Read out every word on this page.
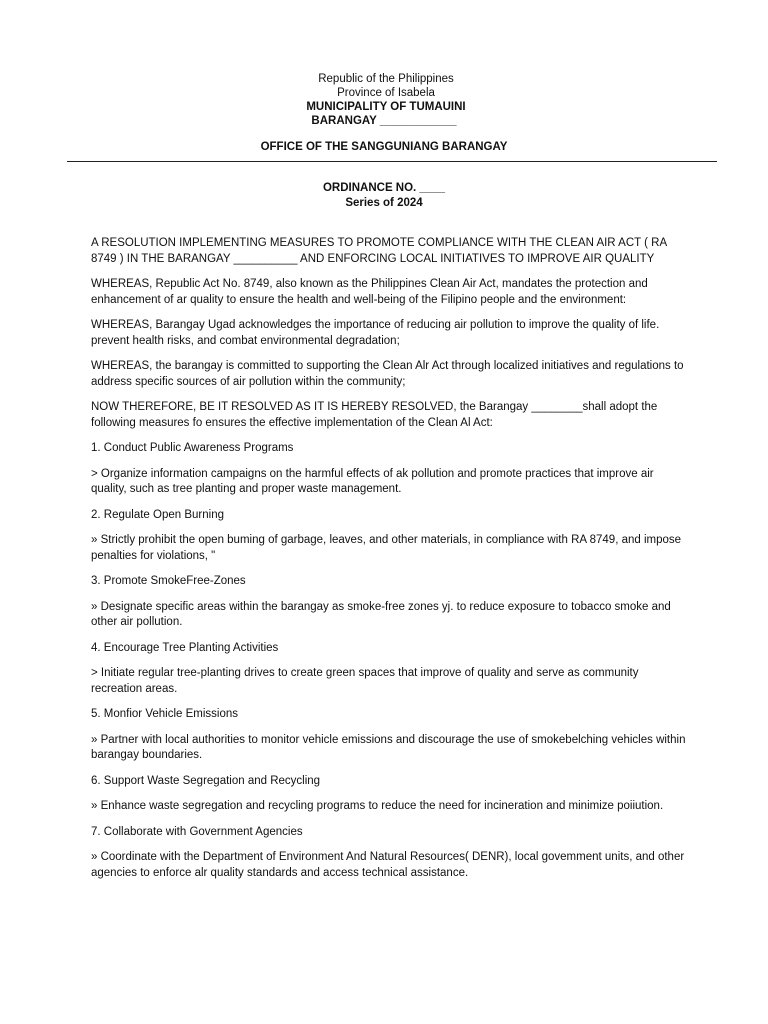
Republic of the Philippines
Province of Isabela
MUNICIPALITY OF TUMAUINI
BARANGAY ____________
OFFICE OF THE SANGGUNIANG BARANGAY
ORDINANCE NO. ____
Series of 2024

A RESOLUTION IMPLEMENTING MEASURES TO PROMOTE COMPLIANCE WITH THE CLEAN AIR ACT ( RA 8749 ) IN THE BARANGAY __________ AND ENFORCING LOCAL INITIATIVES TO IMPROVE AIR QUALITY

WHEREAS, Republic Act No. 8749, also known as the Philippines Clean Air Act, mandates the protection and enhancement of ar quality to ensure the health and well-being of the Filipino people and the environment:

WHEREAS, Barangay Ugad acknowledges the importance of reducing air pollution to improve the quality of life. prevent health risks, and combat environmental degradation;

WHEREAS, the barangay is committed to supporting the Clean Alr Act through localized initiatives and regulations to address specific sources of air pollution within the community;

NOW THEREFORE, BE IT RESOLVED AS IT IS HEREBY RESOLVED, the Barangay ________shall adopt the following measures fo ensures the effective implementation of the Clean Al Act:

1. Conduct Public Awareness Programs

> Organize information campaigns on the harmful effects of ak pollution and promote practices that improve air quality, such as tree planting and proper waste management.

2. Regulate Open Burning

» Strictly prohibit the open buming of garbage, leaves, and other materials, in compliance with RA 8749, and impose penalties for violations, "

3. Promote SmokeFree-Zones

» Designate specific areas within the barangay as smoke-free zones yj. to reduce exposure to tobacco smoke and other air pollution.

4. Encourage Tree Planting Activities

> Initiate regular tree-planting drives to create green spaces that improve of quality and serve as community recreation areas.

5. Monfior Vehicle Emissions

» Partner with local authorities to monitor vehicle emissions and discourage the use of smokebelching vehicles within barangay boundaries.

6. Support Waste Segregation and Recycling

» Enhance waste segregation and recycling programs to reduce the need for incineration and minimize poiiution.

7. Collaborate with Government Agencies

» Coordinate with the Department of Environment And Natural Resources( DENR), local govemment units, and other agencies to enforce alr quality standards and access technical assistance.
